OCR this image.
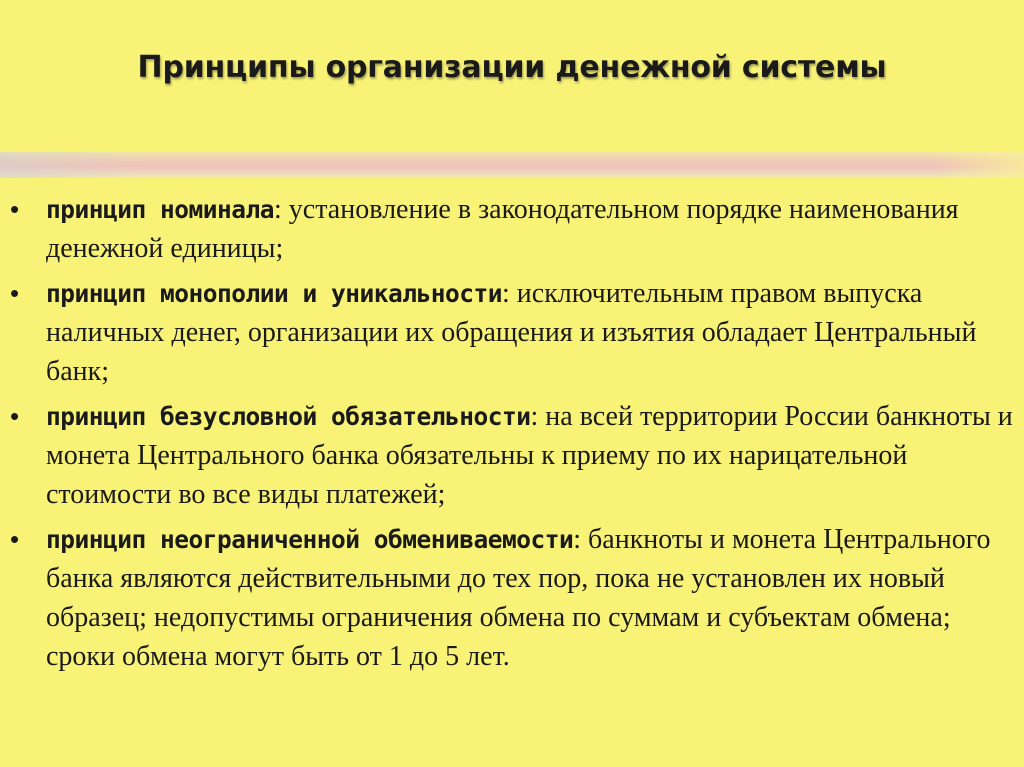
Принципы организации денежной системы
• принцип номинала: установление в законодательном порядке наименования денежной единицы;
• принцип монополии и уникальности: исключительным правом выпуска наличных денег, организации их обращения и изъятия обладает Центральный банк;
• принцип безусловной обязательности: на всей территории России банкноты и монета Центрального банка обязательны к приему по их нарицательной стоимости во все виды платежей;
• принцип неограниченной обмениваемости: банкноты и монета Центрального банка являются действительными до тех пор, пока не установлен их новый образец; недопустимы ограничения обмена по суммам и субъектам обмена; сроки обмена могут быть от 1 до 5 лет.
